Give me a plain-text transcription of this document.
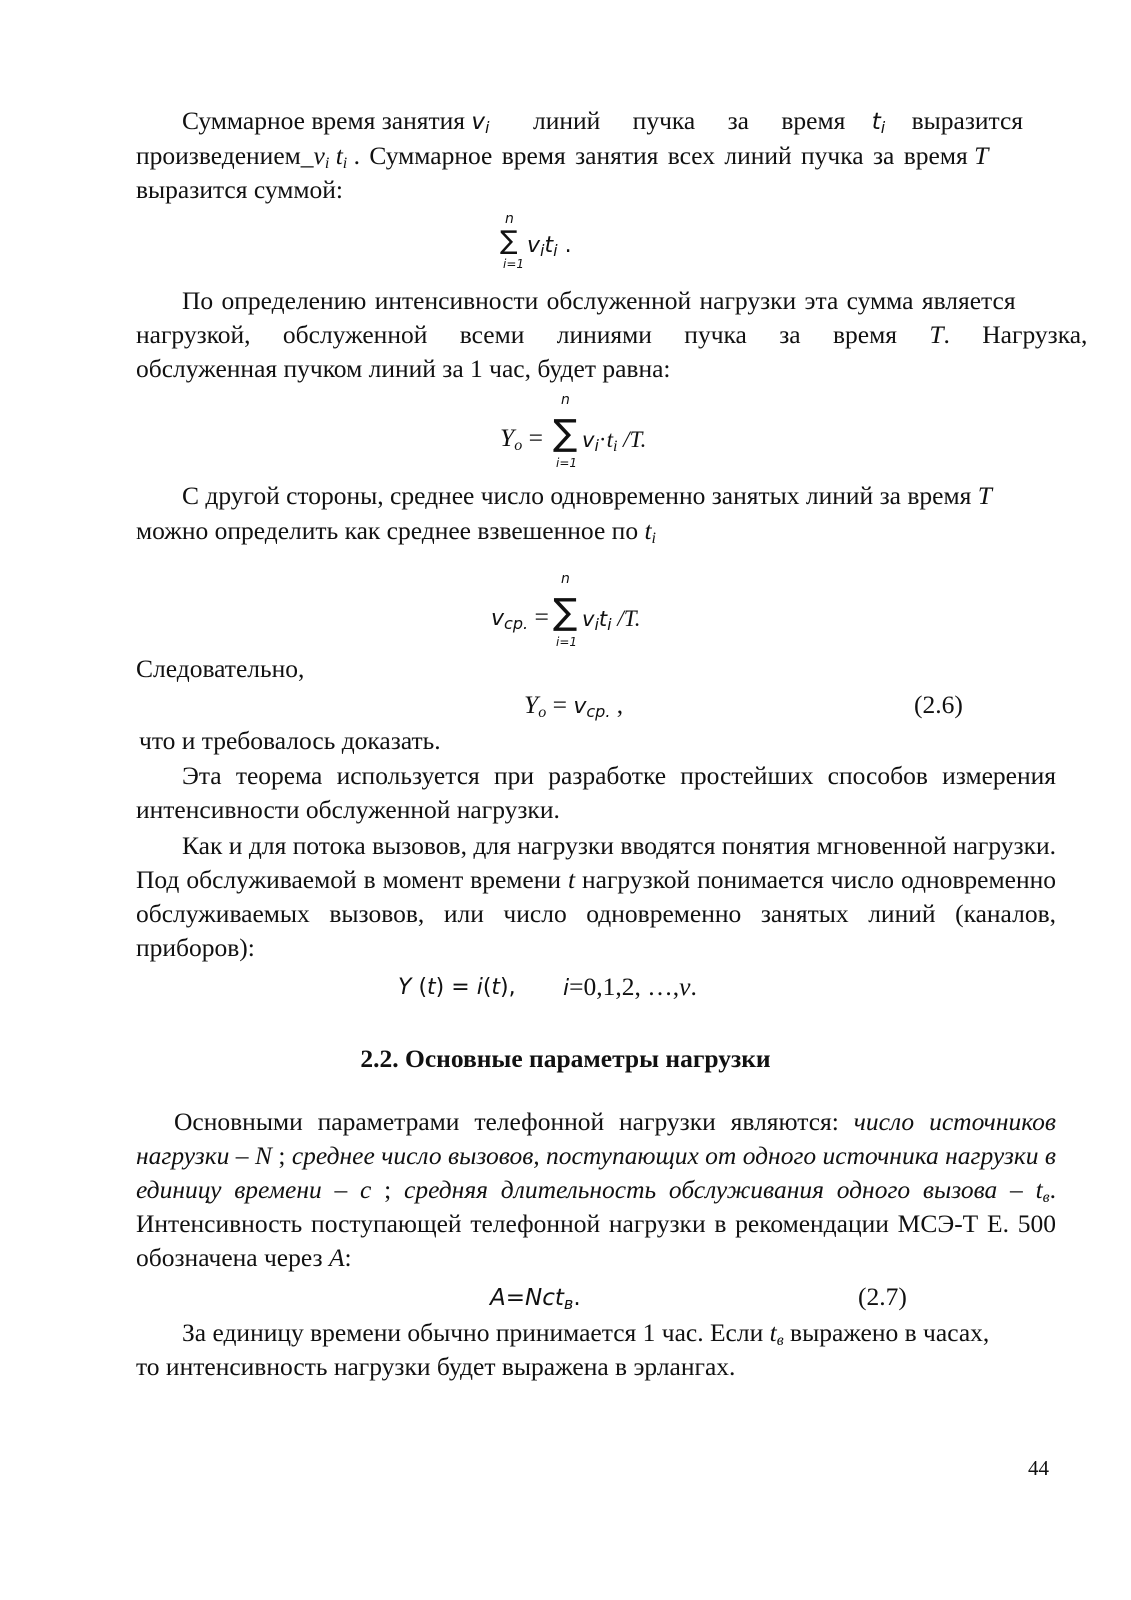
Суммарное время занятия $v_i$ линий пучка за время $t_i$ выразится
$произведением\_v_i$ $t_i$ . Суммарное время занятия всех линий пучка за время T
выразится суммой:
n
∑
i=1
$v_it_i$ .
По определению интенсивности обслуженной нагрузки эта сумма является
нагрузкой, обслуженной всеми линиями пучка за время T. Нагрузка,
обслуженная пучком линий за 1 час, будет равна:
n
$Y_o$ = ∑ $v_i\cdot t_i$ /T.
i=1
С другой стороны, среднее число одновременно занятых линий за время T
можно определить как среднее взвешенное по $t_i$
n
$v_{ср.}$ = ∑ $v_it_i$ /T.
i=1
Следовательно,
$Y_o = v_{ср.}$ ,	(2.6)
что и требовалось доказать.
Эта теорема используется при разработке простейших способов измерения интенсивности обслуженной нагрузки.
Как и для потока вызовов, для нагрузки вводятся понятия мгновенной нагрузки. Под обслуживаемой в момент времени t нагрузкой понимается число одновременно обслуживаемых вызовов, или число одновременно занятых линий (каналов, приборов):
Y (t) = i(t), i=0,1,2, …,v.
2.2. Основные параметры нагрузки
Основными параметрами телефонной нагрузки являются: число источников нагрузки – N ; среднее число вызовов, поступающих от одного источника нагрузки в единицу времени – c ; средняя длительность обслуживания одного вызова – $t_в$. Интенсивность поступающей телефонной нагрузки в рекомендации МСЭ-Т Е. 500 обозначена через A:
A=Nct$_в$.	(2.7)
За единицу времени обычно принимается 1 час. Если $t_в$ выражено в часах,
то интенсивность нагрузки будет выражена в эрлангах.
44
